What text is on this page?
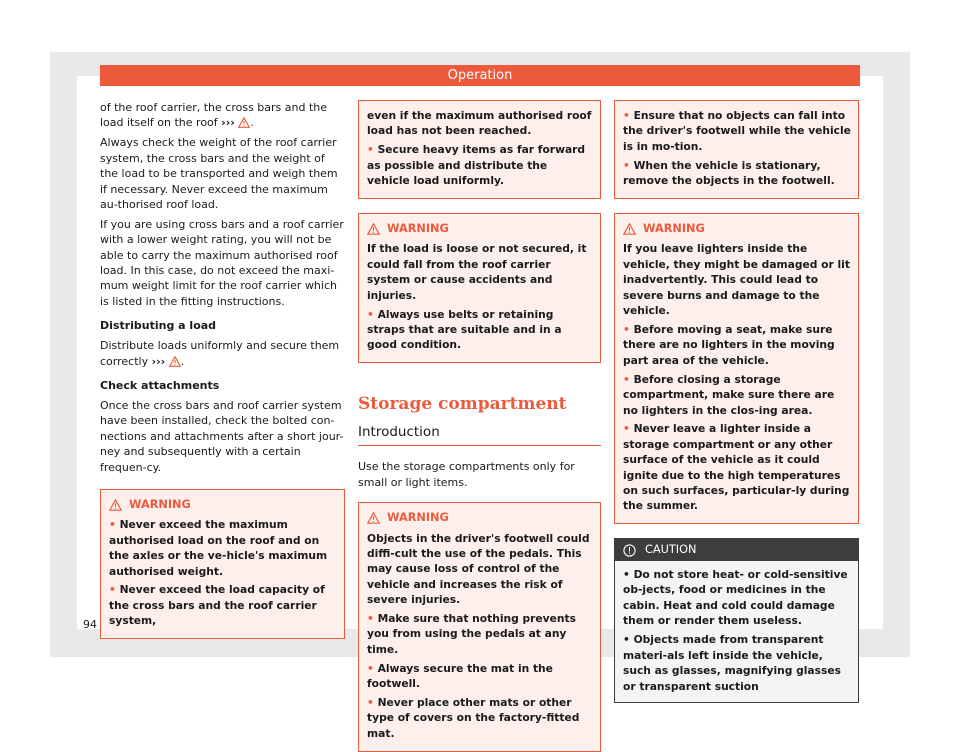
Operation

of the roof carrier, the cross bars and the load itself on the roof ››› .

Always check the weight of the roof carrier system, the cross bars and the weight of the load to be transported and weigh them if necessary. Never exceed the maximum au-thorised roof load.

If you are using cross bars and a roof carrier with a lower weight rating, you will not be able to carry the maximum authorised roof load. In this case, do not exceed the maxi-mum weight limit for the roof carrier which is listed in the fitting instructions.

Distributing a load

Distribute loads uniformly and secure them correctly ››› .

Check attachments

Once the cross bars and roof carrier system have been installed, check the bolted con-nections and attachments after a short jour-ney and subsequently with a certain frequen-cy.

WARNING

• Never exceed the maximum authorised load on the roof and on the axles or the ve-hicle's maximum authorised weight.

• Never exceed the load capacity of the cross bars and the roof carrier system,

even if the maximum authorised roof load has not been reached.

• Secure heavy items as far forward as possible and distribute the vehicle load uniformly.

WARNING

If the load is loose or not secured, it could fall from the roof carrier system or cause accidents and injuries.

• Always use belts or retaining straps that are suitable and in a good condition.

Storage compartment
Introduction

Use the storage compartments only for small or light items.

WARNING

Objects in the driver's footwell could diffi-cult the use of the pedals. This may cause loss of control of the vehicle and increases the risk of severe injuries.

• Make sure that nothing prevents you from using the pedals at any time.

• Always secure the mat in the footwell.

• Never place other mats or other type of covers on the factory-fitted mat.

• Ensure that no objects can fall into the driver's footwell while the vehicle is in mo-tion.

• When the vehicle is stationary, remove the objects in the footwell.

WARNING

If you leave lighters inside the vehicle, they might be damaged or lit inadvertently. This could lead to severe burns and damage to the vehicle.

• Before moving a seat, make sure there are no lighters in the moving part area of the vehicle.

• Before closing a storage compartment, make sure there are no lighters in the clos-ing area.

• Never leave a lighter inside a storage compartment or any other surface of the vehicle as it could ignite due to the high temperatures on such surfaces, particular-ly during the summer.

CAUTION

• Do not store heat- or cold-sensitive ob-jects, food or medicines in the cabin. Heat and cold could damage them or render them useless.

• Objects made from transparent materi-als left inside the vehicle, such as glasses, magnifying glasses or transparent suction

94
